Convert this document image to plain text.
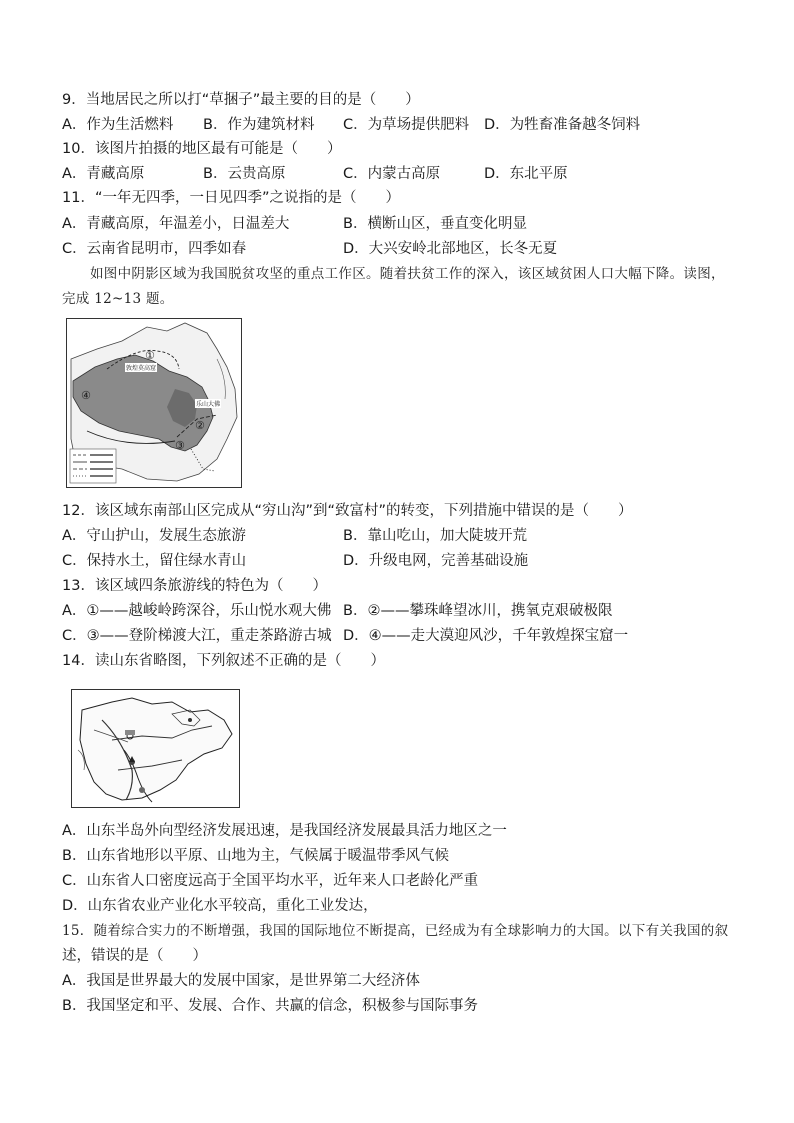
9．当地居民之所以打“草捆子”最主要的目的是（　　）
A．作为生活燃料 B．作为建筑材料 C．为草场提供肥料 D．为牲畜准备越冬饲料
10．该图片拍摄的地区最有可能是（　　）
A．青藏高原	B．云贵高原	C．内蒙古高原	D．东北平原
11．“一年无四季，一日见四季”之说指的是（　　）
A．青藏高原，年温差小，日温差大	B．横断山区，垂直变化明显
C．云南省昆明市，四季如春	D．大兴安岭北部地区，长冬无夏
如图中阴影区域为我国脱贫攻坚的重点工作区。随着扶贫工作的深入，该区域贫困人口大幅下降。读图，
完成 12~13 题。
①
②
③
④
敦煌莫高窟
乐山大佛
12．该区域东南部山区完成从“穷山沟”到“致富村”的转变，下列措施中错误的是（　　）
A．守山护山，发展生态旅游	B．靠山吃山，加大陡坡开荒
C．保持水土，留住绿水青山	D．升级电网，完善基础设施
13．该区域四条旅游线的特色为（　　）
A．①——越峻岭跨深谷，乐山悦水观大佛 B．②——攀珠峰望冰川，携氧克艰破极限
C．③——登阶梯渡大江，重走茶路游古城 D．④——走大漠迎风沙，千年敦煌探宝窟一
14．读山东省略图，下列叙述不正确的是（　　）
A．山东半岛外向型经济发展迅速，是我国经济发展最具活力地区之一
B．山东省地形以平原、山地为主，气候属于暖温带季风气候
C．山东省人口密度远高于全国平均水平，近年来人口老龄化严重
D．山东省农业产业化水平较高，重化工业发达，
15．随着综合实力的不断增强，我国的国际地位不断提高，已经成为有全球影响力的大国。以下有关我国的叙
述，错误的是（　　）
A．我国是世界最大的发展中国家，是世界第二大经济体
B．我国坚定和平、发展、合作、共赢的信念，积极参与国际事务
